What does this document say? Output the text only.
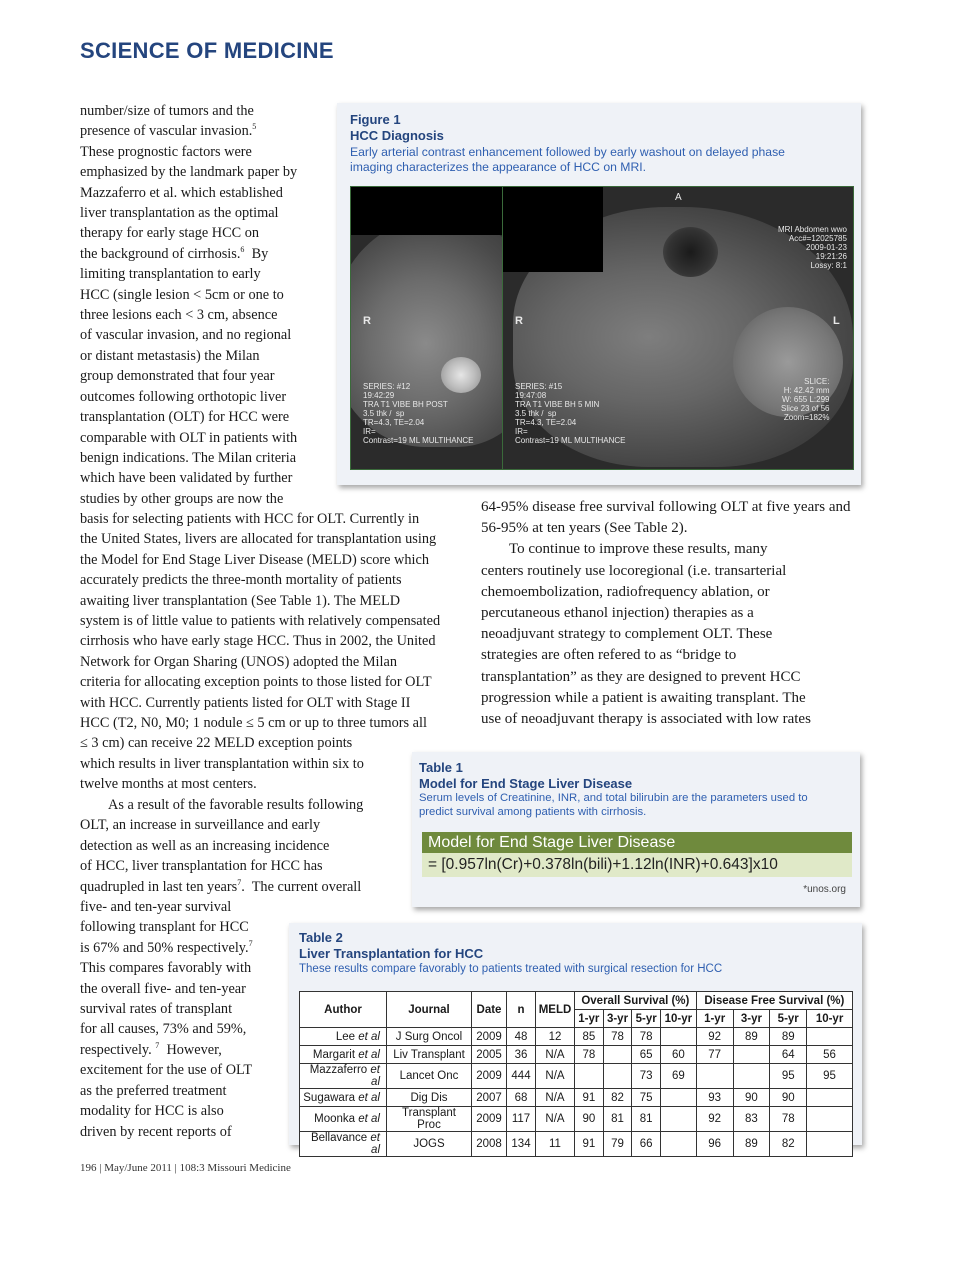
SCIENCE OF MEDICINE

number/size of tumors and the

presence of vascular invasion.$^5$

These prognostic factors were

emphasized by the landmark paper by

Mazzaferro et al. which established

liver transplantation as the optimal

therapy for early stage HCC on

the background of cirrhosis.$^6$ By

limiting transplantation to early

HCC (single lesion < 5cm or one to

three lesions each < 3 cm, absence

of vascular invasion, and no regional

or distant metastasis) the Milan

group demonstrated that four year

outcomes following orthotopic liver

transplantation (OLT) for HCC were

comparable with OLT in patients with

benign indications. The Milan criteria

which have been validated by further

studies by other groups are now the

basis for selecting patients with HCC for OLT. Currently in

the United States, livers are allocated for transplantation using

the Model for End Stage Liver Disease (MELD) score which

accurately predicts the three-month mortality of patients

awaiting liver transplantation (See Table 1). The MELD

system is of little value to patients with relatively compensated

cirrhosis who have early stage HCC. Thus in 2002, the United

Network for Organ Sharing (UNOS) adopted the Milan

criteria for allocating exception points to those listed for OLT

with HCC. Currently patients listed for OLT with Stage II

HCC (T2, N0, M0; 1 nodule ≤ 5 cm or up to three tumors all

≤ 3 cm) can receive 22 MELD exception points

which results in liver transplantation within six to

twelve months at most centers.

As a result of the favorable results following

OLT, an increase in surveillance and early

detection as well as an increasing incidence

of HCC, liver transplantation for HCC has

quadrupled in last ten years$^7$.  The current overall

five- and ten-year survival

following transplant for HCC

is 67% and 50% respectively.$^7$

This compares favorably with

the overall five- and ten-year

survival rates of transplant

for all causes, 73% and 59%,

respectively. $^7$ However,

excitement for the use of OLT

as the preferred treatment

modality for HCC is also

driven by recent reports of

64-95% disease free survival following OLT at five years and

56-95% at ten years (See Table 2).

To continue to improve these results, many

centers routinely use locoregional (i.e. transarterial

chemoembolization, radiofrequency ablation, or

percutaneous ethanol injection) therapies as a

neoadjuvant strategy to complement OLT. These

strategies are often refered to as “bridge to

transplantation” as they are designed to prevent HCC

progression while a patient is awaiting transplant. The

use of neoadjuvant therapy is associated with low rates

Figure 1
HCC Diagnosis
Early arterial contrast enhancement followed by early washout on delayed phase imaging characterizes the appearance of HCC on MRI.
R
SERIES: #12
19:42:29
TRA T1 VIBE BH POST
3.5 thk /  sp
TR=4.3, TE=2.04
IR=
Contrast=19 ML MULTIHANCE
A
R	L
MRI Abdomen wwo
Acc#=12025785
2009-01-23
19:21:26
Lossy: 8:1
SERIES: #15
19:47:08
TRA T1 VIBE BH 5 MIN
3.5 thk /  sp
TR=4.3, TE=2.04
IR=
Contrast=19 ML MULTIHANCE
SLICE:
H: 42.42 mm
W: 655 L:299
Slice 23 of 56
Zoom=182%
Table 1
Model for End Stage Liver Disease
Serum levels of Creatinine, INR, and total bilirubin are the parameters used to predict survival among patients with cirrhosis.
Model for End Stage Liver Disease
= [0.957ln(Cr)+0.378ln(bili)+1.12ln(INR)+0.643]x10
*unos.org
Table 2
Liver Transplantation for HCC
These results compare favorably to patients treated with surgical resection for HCC
Author	Journal	Date	n	MELD	Overall Survival (%)				Disease Free Survival (%)			
					1-yr	3-yr	5-yr	10-yr	1-yr	3-yr	5-yr	10-yr
Lee et al	J Surg Oncol	2009	48	12	85	78	78		92	89	89	
Margarit et al	Liv Transplant	2005	36	N/A	78		65	60	77		64	56
Mazzaferro et al	Lancet Onc	2009	444	N/A			73	69			95	95
Sugawara et al	Dig Dis	2007	68	N/A	91	82	75		93	90	90	
Moonka et al	Transplant Proc	2009	117	N/A	90	81	81		92	83	78	
Bellavance et al	JOGS	2008	134	11	91	79	66		96	89	82	
196 | May/June 2011 | 108:3 Missouri Medicine
